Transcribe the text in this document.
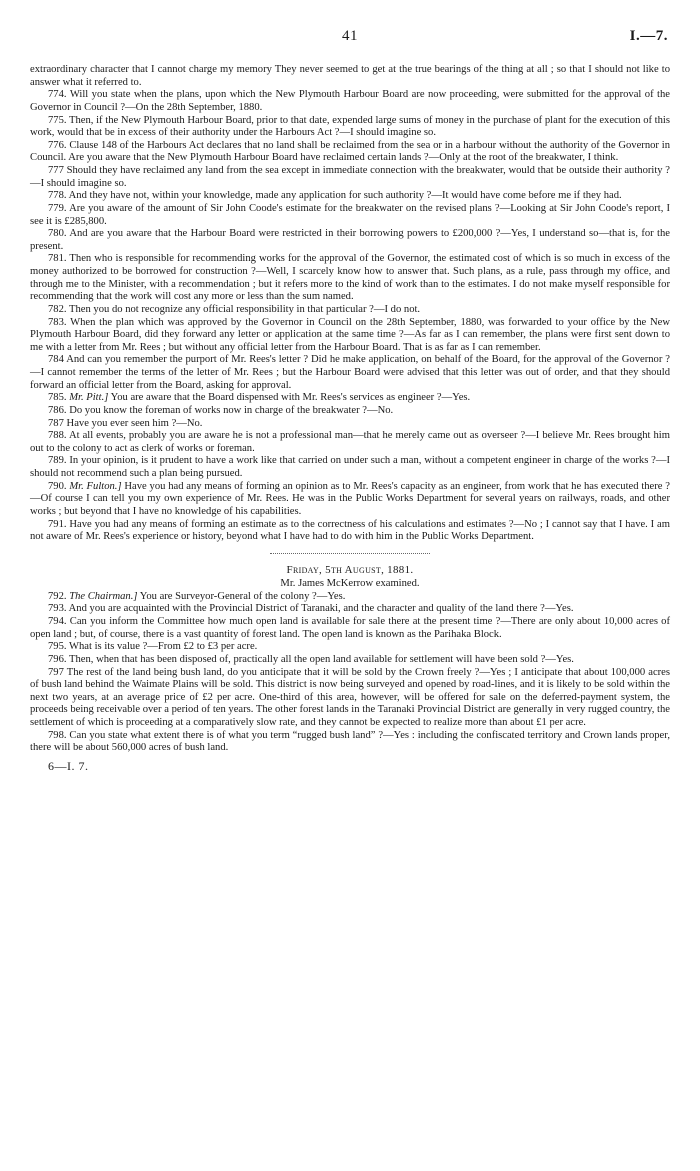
41	I.—7.

extraordinary character that I cannot charge my memory They never seemed to get at the true bearings of the thing at all ; so that I should not like to answer what it referred to.

774. Will you state when the plans, upon which the New Plymouth Harbour Board are now proceeding, were submitted for the approval of the Governor in Council ?—On the 28th September, 1880.

775. Then, if the New Plymouth Harbour Board, prior to that date, expended large sums of money in the purchase of plant for the execution of this work, would that be in excess of their authority under the Harbours Act ?—I should imagine so.

776. Clause 148 of the Harbours Act declares that no land shall be reclaimed from the sea or in a harbour without the authority of the Governor in Council. Are you aware that the New Plymouth Harbour Board have reclaimed certain lands ?—Only at the root of the breakwater, I think.

777 Should they have reclaimed any land from the sea except in immediate connection with the breakwater, would that be outside their authority ?—I should imagine so.

778. And they have not, within your knowledge, made any application for such authority ?—It would have come before me if they had.

779. Are you aware of the amount of Sir John Coode's estimate for the breakwater on the revised plans ?—Looking at Sir John Coode's report, I see it is £285,800.

780. And are you aware that the Harbour Board were restricted in their borrowing powers to £200,000 ?—Yes, I understand so—that is, for the present.

781. Then who is responsible for recommending works for the approval of the Governor, the estimated cost of which is so much in excess of the money authorized to be borrowed for construction ?—Well, I scarcely know how to answer that. Such plans, as a rule, pass through my office, and through me to the Minister, with a recommendation ; but it refers more to the kind of work than to the estimates. I do not make myself responsible for recommending that the work will cost any more or less than the sum named.

782. Then you do not recognize any official responsibility in that particular ?—I do not.

783. When the plan which was approved by the Governor in Council on the 28th September, 1880, was forwarded to your office by the New Plymouth Harbour Board, did they forward any letter or application at the same time ?—As far as I can remember, the plans were first sent down to me with a letter from Mr. Rees ; but without any official letter from the Harbour Board. That is as far as I can remember.

784 And can you remember the purport of Mr. Rees's letter ? Did he make application, on behalf of the Board, for the approval of the Governor ?—I cannot remember the terms of the letter of Mr. Rees ; but the Harbour Board were advised that this letter was out of order, and that they should forward an official letter from the Board, asking for approval.

785. Mr. Pitt.] You are aware that the Board dispensed with Mr. Rees's services as engineer ?—Yes.

786. Do you know the foreman of works now in charge of the breakwater ?—No.

787 Have you ever seen him ?—No.

788. At all events, probably you are aware he is not a professional man—that he merely came out as overseer ?—I believe Mr. Rees brought him out to the colony to act as clerk of works or foreman.

789. In your opinion, is it prudent to have a work like that carried on under such a man, without a competent engineer in charge of the works ?—I should not recommend such a plan being pursued.

790. Mr. Fulton.] Have you had any means of forming an opinion as to Mr. Rees's capacity as an engineer, from work that he has executed there ?—Of course I can tell you my own experience of Mr. Rees. He was in the Public Works Department for several years on railways, roads, and other works ; but beyond that I have no knowledge of his capabilities.

791. Have you had any means of forming an estimate as to the correctness of his calculations and estimates ?—No ; I cannot say that I have. I am not aware of Mr. Rees's experience or history, beyond what I have had to do with him in the Public Works Department.

Friday, 5th August, 1881.

Mr. James McKerrow examined.

792. The Chairman.] You are Surveyor-General of the colony ?—Yes.

793. And you are acquainted with the Provincial District of Taranaki, and the character and quality of the land there ?—Yes.

794. Can you inform the Committee how much open land is available for sale there at the present time ?—There are only about 10,000 acres of open land ; but, of course, there is a vast quantity of forest land. The open land is known as the Parihaka Block.

795. What is its value ?—From £2 to £3 per acre.

796. Then, when that has been disposed of, practically all the open land available for settlement will have been sold ?—Yes.

797 The rest of the land being bush land, do you anticipate that it will be sold by the Crown freely ?—Yes ; I anticipate that about 100,000 acres of bush land behind the Waimate Plains will be sold. This district is now being surveyed and opened by road-lines, and it is likely to be sold within the next two years, at an average price of £2 per acre. One-third of this area, however, will be offered for sale on the deferred-payment system, the proceeds being receivable over a period of ten years. The other forest lands in the Taranaki Provincial District are generally in very rugged country, the settlement of which is proceeding at a comparatively slow rate, and they cannot be expected to realize more than about £1 per acre.

798. Can you state what extent there is of what you term “rugged bush land” ?—Yes : including the confiscated territory and Crown lands proper, there will be about 560,000 acres of bush land.

6—I. 7.
